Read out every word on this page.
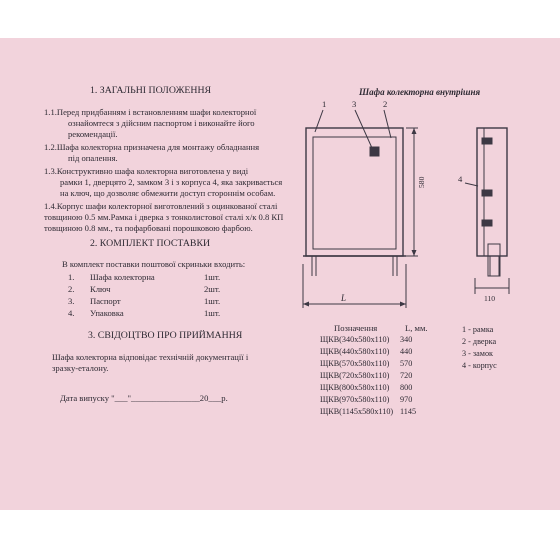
1. ЗАГАЛЬНІ ПОЛОЖЕННЯ
1.1.Перед придбанням і встановленням шафи колекторної
ознайомтеся з дійсним паспортом і виконайте його
рекомендації.
1.2.Шафа колекторна призначена для монтажу обладнання
під опалення.
1.3.Конструктивно шафа колекторна виготовлена у виді
рамки 1, дверцято 2, замком 3 і з корпуса 4, яка закривається
на ключ, що дозволяє обмежити доступ стороннім особам.
1.4.Корпус шафи колекторної виготовлений з оцинкованої сталі
товщиною 0.5 мм.Рамка і дверка з тонколистової сталі х/к 0.8 КП
товщиною 0.8 мм., та пофарбовані порошковою фарбою.
2. КОМПЛЕКТ ПОСТАВКИ
В комплект поставки поштової скриньки входить:
1. Шафа колекторна	1шт.
2. Ключ	2шт.
3. Паспорт	1шт.
4. Упаковка	1шт.
3. СВІДОЦТВО ПРО ПРИЙМАННЯ
Шафа колекторна відповідає технічній документації і
зразку-еталону.
Дата випуску "___"________________20___р.
Шафа колекторна внутрішня
1	3	2
4
580
L	110
Позначення	L, мм.
ЩКВ(340x580x110) 340
ЩКВ(440x580x110) 440
ЩКВ(570x580x110) 570
ЩКВ(720x580x110) 720
ЩКВ(800x580x110) 800
ЩКВ(970x580x110) 970
ЩКВ(1145x580x110) 1145
1 - рамка
2 - дверка
3 - замок
4 - корпус
